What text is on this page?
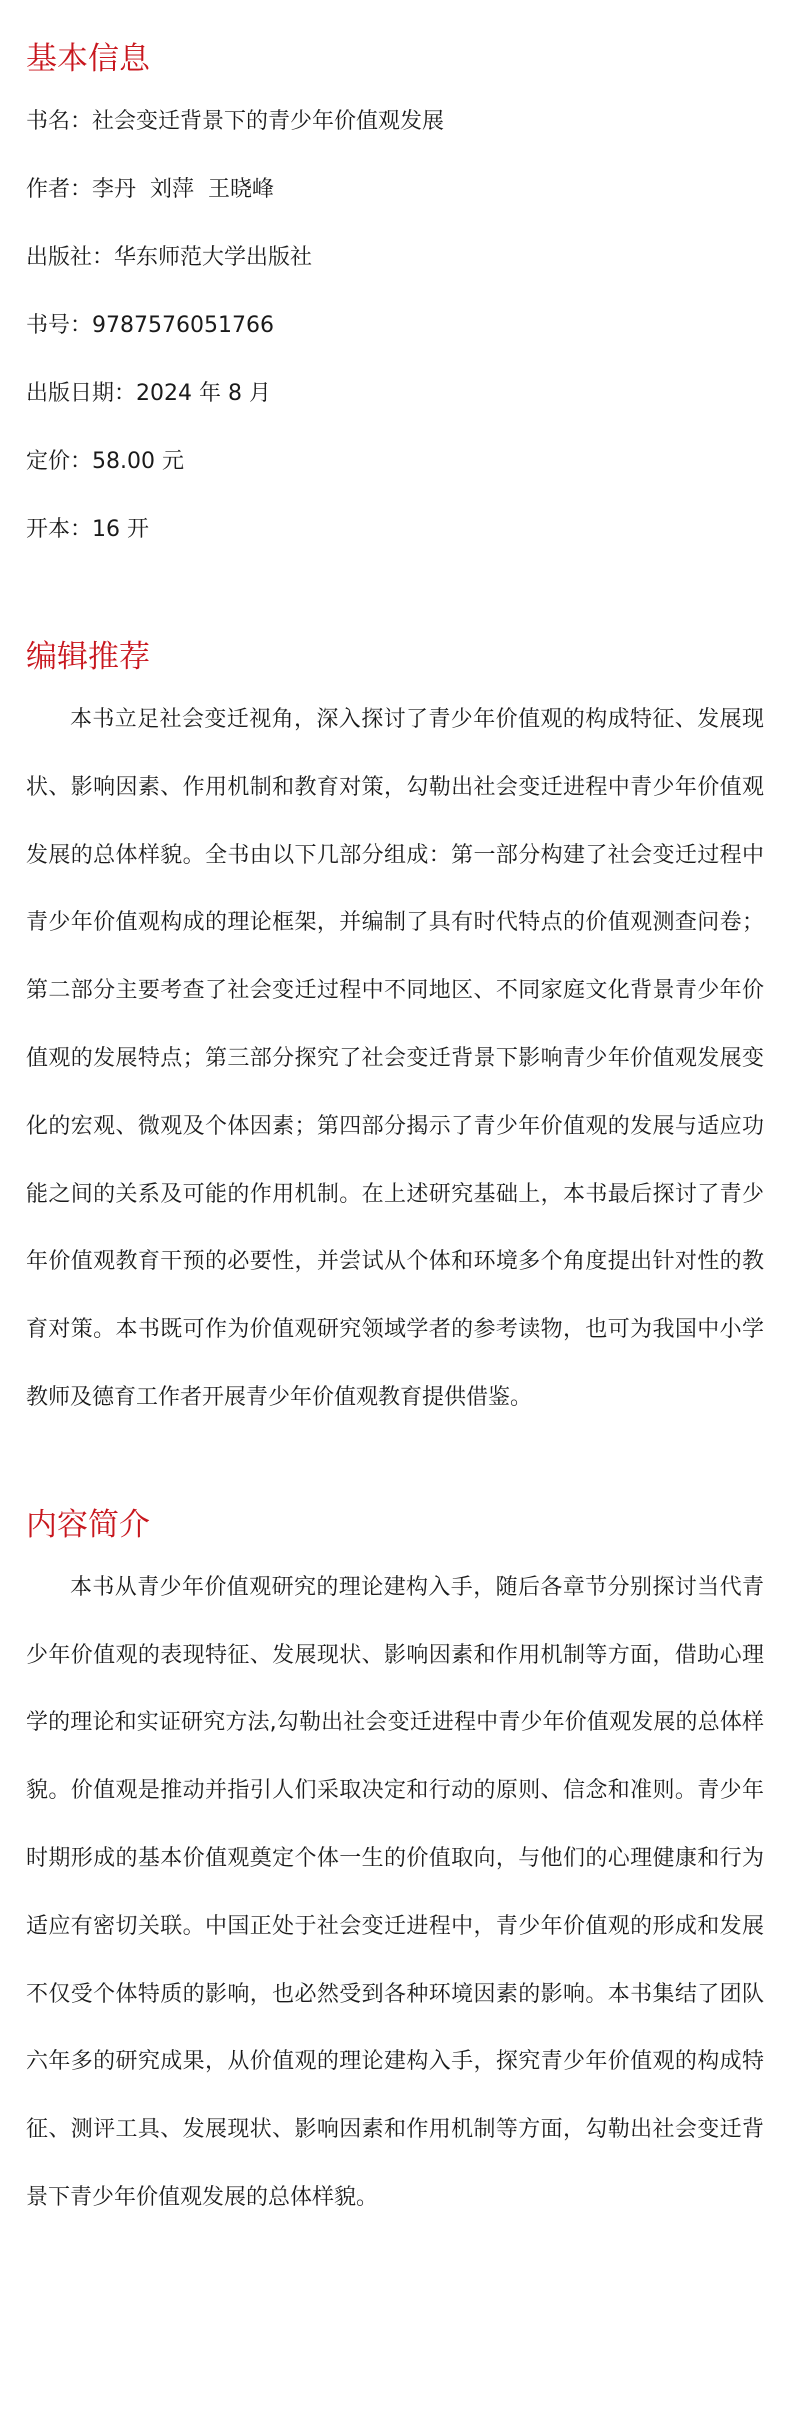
基本信息
书名 ： 社会变迁背景下的青少年价值观发展
作者 ： 李丹  刘萍  王晓峰
出版社 ： 华东师范大学出版社
书号 ： 9787576051766
出版日期 ： 2024 年 8 月
定价 ： 58.00 元
开本 ： 16 开
编辑推荐

本书立足社会变迁视角，深入探讨了青少年价值观的构成特征、发展现状、影响因素、作用机制和教育对策，勾勒出社会变迁进程中青少年价值观发展的总体样貌。全书由以下几部分组成：第一部分构建了社会变迁过程中青少年价值观构成的理论框架，并编制了具有时代特点的价值观测查问卷；第二部分主要考查了社会变迁过程中不同地区、不同家庭文化背景青少年价值观的发展特点；第三部分探究了社会变迁背景下影响青少年价值观发展变化的宏观、微观及个体因素；第四部分揭示了青少年价值观的发展与适应功能之间的关系及可能的作用机制。在上述研究基础上，本书最后探讨了青少年价值观教育干预的必要性，并尝试从个体和环境多个角度提出针对性的教育对策。本书既可作为价值观研究领域学者的参考读物，也可为我国中小学教师及德育工作者开展青少年价值观教育提供借鉴。

内容简介

本书从青少年价值观研究的理论建构入手，随后各章节分别探讨当代青少年价值观的表现特征、发展现状、影响因素和作用机制等方面，借助心理学的理论和实证研究方法,勾勒出社会变迁进程中青少年价值观发展的总体样貌。价值观是推动并指引人们采取决定和行动的原则、信念和准则。青少年时期形成的基本价值观奠定个体一生的价值取向，与他们的心理健康和行为适应有密切关联。中国正处于社会变迁进程中，青少年价值观的形成和发展不仅受个体特质的影响，也必然受到各种环境因素的影响。本书集结了团队六年多的研究成果，从价值观的理论建构入手，探究青少年价值观的构成特征、测评工具、发展现状、影响因素和作用机制等方面，勾勒出社会变迁背景下青少年价值观发展的总体样貌。
